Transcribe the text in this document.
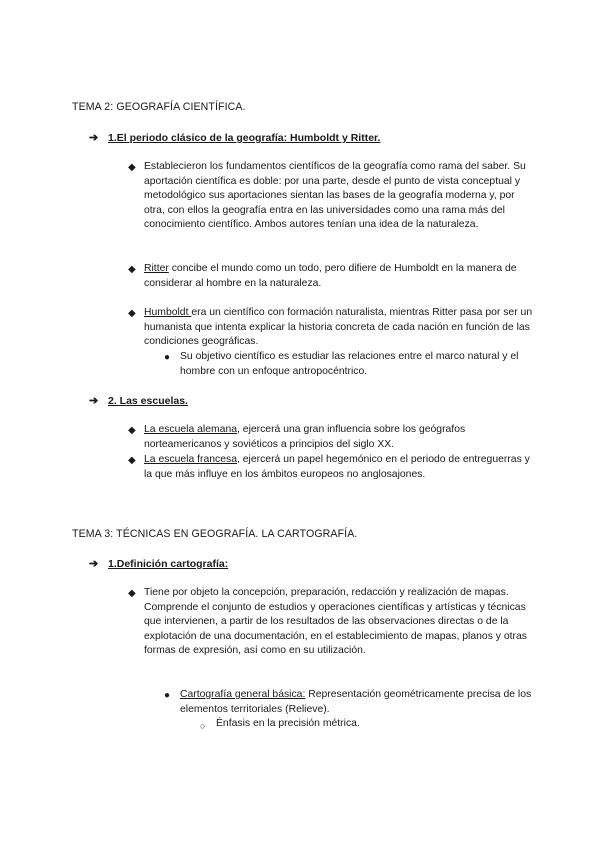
TEMA 2: GEOGRAFÍA CIENTÍFICA.
➔ 1.El periodo clásico de la geografía: Humboldt y Ritter.
◆ Establecieron los fundamentos científicos de la geografía como rama del saber. Su aportación científica es doble: por una parte, desde el punto de vista conceptual y metodológico sus aportaciones sientan las bases de la geografía moderna y, por otra, con ellos la geografía entra en las universidades como una rama más del conocimiento científico. Ambos autores tenían una idea de la naturaleza.
◆ Ritter concibe el mundo como un todo, pero difiere de Humboldt en la manera de considerar al hombre en la naturaleza.
◆ Humboldt era un científico con formación naturalista, mientras Ritter pasa por ser un humanista que intenta explicar la historia concreta de cada nación en función de las condiciones geográficas.
● Su objetivo científico es estudiar las relaciones entre el marco natural y el hombre con un enfoque antropocéntrico.
➔ 2. Las escuelas.
◆ La escuela alemana, ejercerá una gran influencia sobre los geógrafos norteamericanos y soviéticos a principios del siglo XX.
◆ La escuela francesa, ejercerá un papel hegemónico en el periodo de entreguerras y la que más influye en los ámbitos europeos no anglosajones.
TEMA 3: TÉCNICAS EN GEOGRAFÍA. LA CARTOGRAFÍA.
➔ 1.Definición cartografía:
◆ Tiene por objeto la concepción, preparación, redacción y realización de mapas. Comprende el conjunto de estudios y operaciones científicas y artísticas y técnicas que intervienen, a partir de los resultados de las observaciones directas o de la explotación de una documentación, en el establecimiento de mapas, planos y otras formas de expresión, así como en su utilización.
● Cartografía general básica: Representación geométricamente precisa de los elementos territoriales (Relieve).
○ Énfasis en la precisión métrica.
